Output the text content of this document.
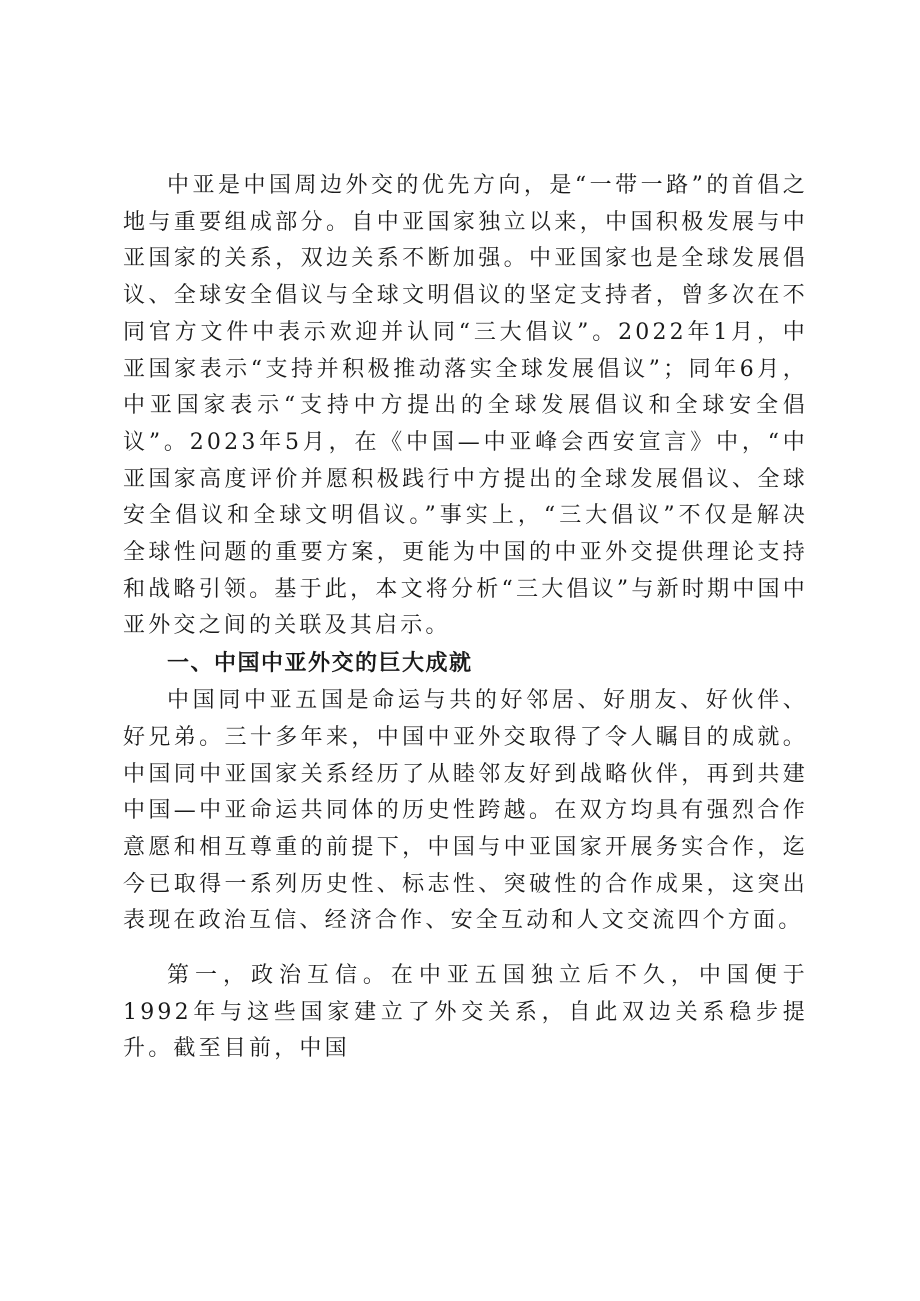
中亚是中国周边外交的优先方向，是“一带一路”的首倡之地与重要组成部分。自中亚国家独立以来，中国积极发展与中亚国家的关系，双边关系不断加强。中亚国家也是全球发展倡议、全球安全倡议与全球文明倡议的坚定支持者，曾多次在不同官方文件中表示欢迎并认同“三大倡议”。2022年1月，中亚国家表示“支持并积极推动落实全球发展倡议”；同年6月，中亚国家表示“支持中方提出的全球发展倡议和全球安全倡议”。2023年5月，在《中国—中亚峰会西安宣言》中，“中亚国家高度评价并愿积极践行中方提出的全球发展倡议、全球安全倡议和全球文明倡议。”事实上，“三大倡议”不仅是解决全球性问题的重要方案，更能为中国的中亚外交提供理论支持和战略引领。基于此，本文将分析“三大倡议”与新时期中国中亚外交之间的关联及其启示。

一、中国中亚外交的巨大成就

中国同中亚五国是命运与共的好邻居、好朋友、好伙伴、好兄弟。三十多年来，中国中亚外交取得了令人瞩目的成就。中国同中亚国家关系经历了从睦邻友好到战略伙伴，再到共建中国—中亚命运共同体的历史性跨越。在双方均具有强烈合作意愿和相互尊重的前提下，中国与中亚国家开展务实合作，迄今已取得一系列历史性、标志性、突破性的合作成果，这突出表现在政治互信、经济合作、安全互动和人文交流四个方面。

第一，政治互信。在中亚五国独立后不久，中国便于1992年与这些国家建立了外交关系，自此双边关系稳步提升。截至目前，中国
